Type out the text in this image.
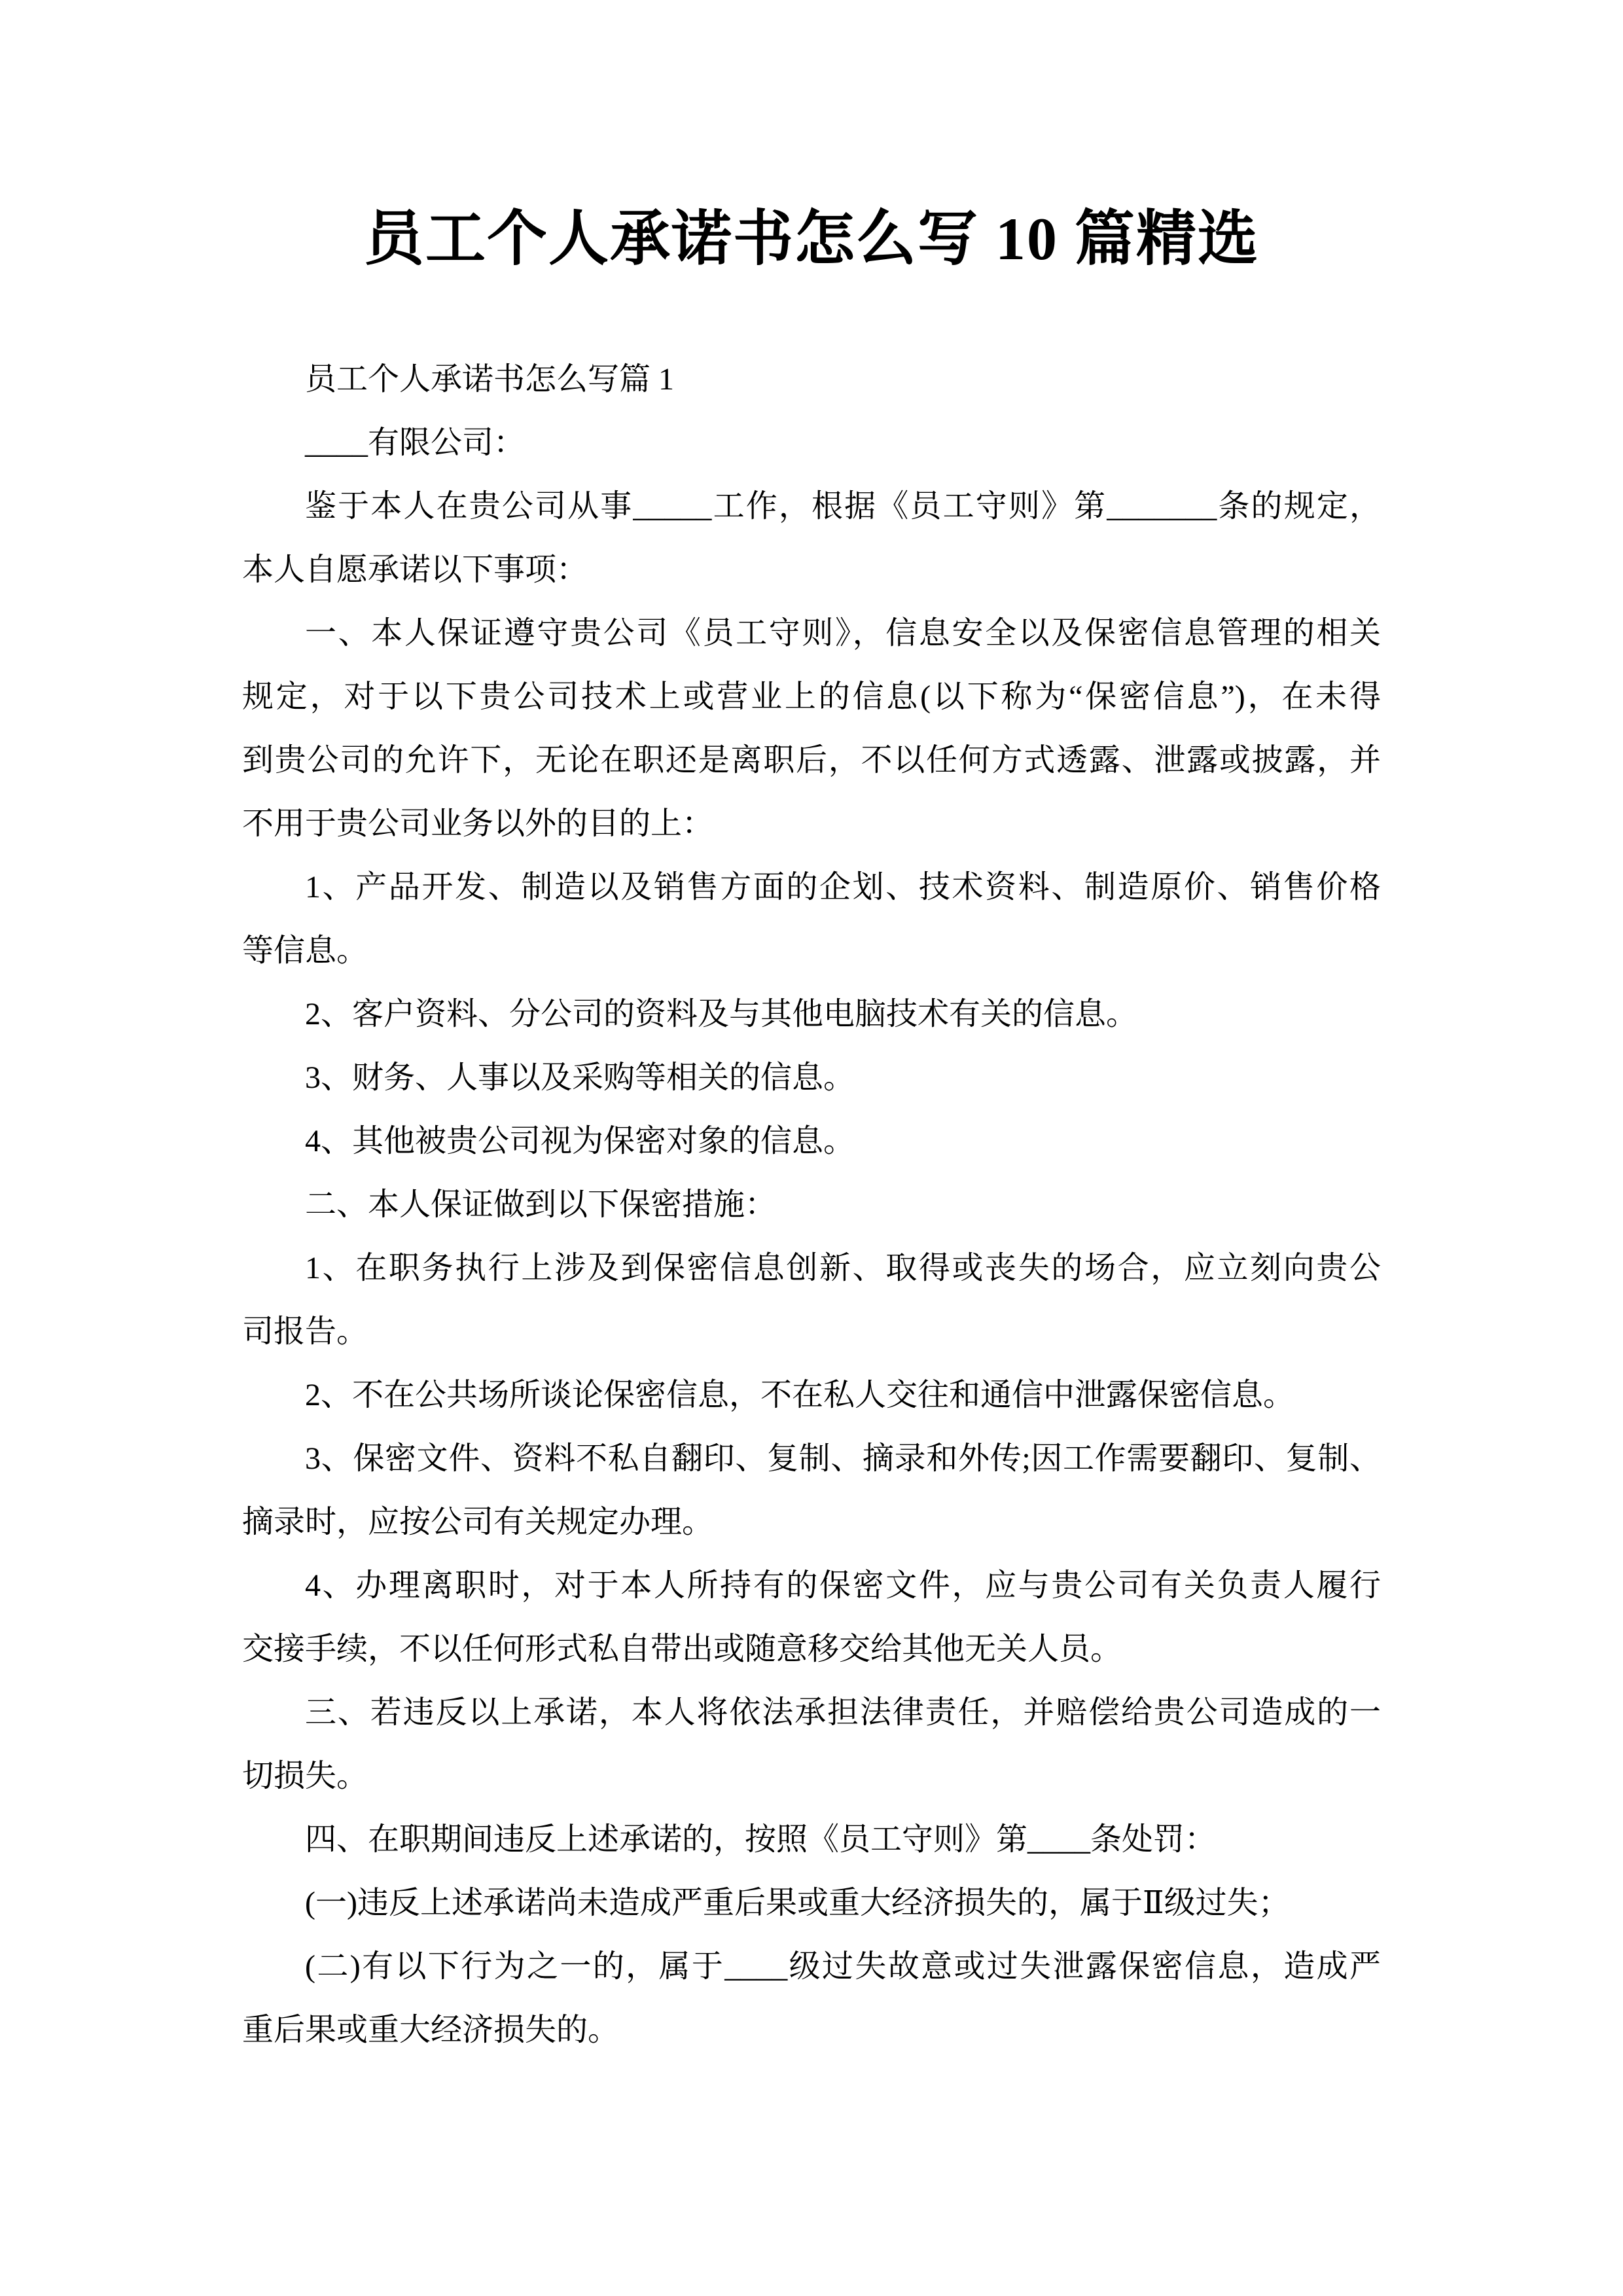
员工个人承诺书怎么写 10 篇精选
员工个人承诺书怎么写篇 1
____有限公司：
鉴于本人在贵公司从事_____工作，根据《员工守则》第_______条的规定，
本人自愿承诺以下事项：
一、本人保证遵守贵公司《员工守则》，信息安全以及保密信息管理的相关
规定，对于以下贵公司技术上或营业上的信息(以下称为“保密信息”)，在未得
到贵公司的允许下，无论在职还是离职后，不以任何方式透露、泄露或披露，并
不用于贵公司业务以外的目的上：
1、产品开发、制造以及销售方面的企划、技术资料、制造原价、销售价格
等信息。
2、客户资料、分公司的资料及与其他电脑技术有关的信息。
3、财务、人事以及采购等相关的信息。
4、其他被贵公司视为保密对象的信息。
二、本人保证做到以下保密措施：
1、在职务执行上涉及到保密信息创新、取得或丧失的场合，应立刻向贵公
司报告。
2、不在公共场所谈论保密信息，不在私人交往和通信中泄露保密信息。
3、保密文件、资料不私自翻印、复制、摘录和外传;因工作需要翻印、复制、
摘录时，应按公司有关规定办理。
4、办理离职时，对于本人所持有的保密文件，应与贵公司有关负责人履行
交接手续，不以任何形式私自带出或随意移交给其他无关人员。
三、若违反以上承诺，本人将依法承担法律责任，并赔偿给贵公司造成的一
切损失。
四、在职期间违反上述承诺的，按照《员工守则》第____条处罚：
(一)违反上述承诺尚未造成严重后果或重大经济损失的，属于Ⅱ级过失；
(二)有以下行为之一的，属于____级过失故意或过失泄露保密信息，造成严
重后果或重大经济损失的。
